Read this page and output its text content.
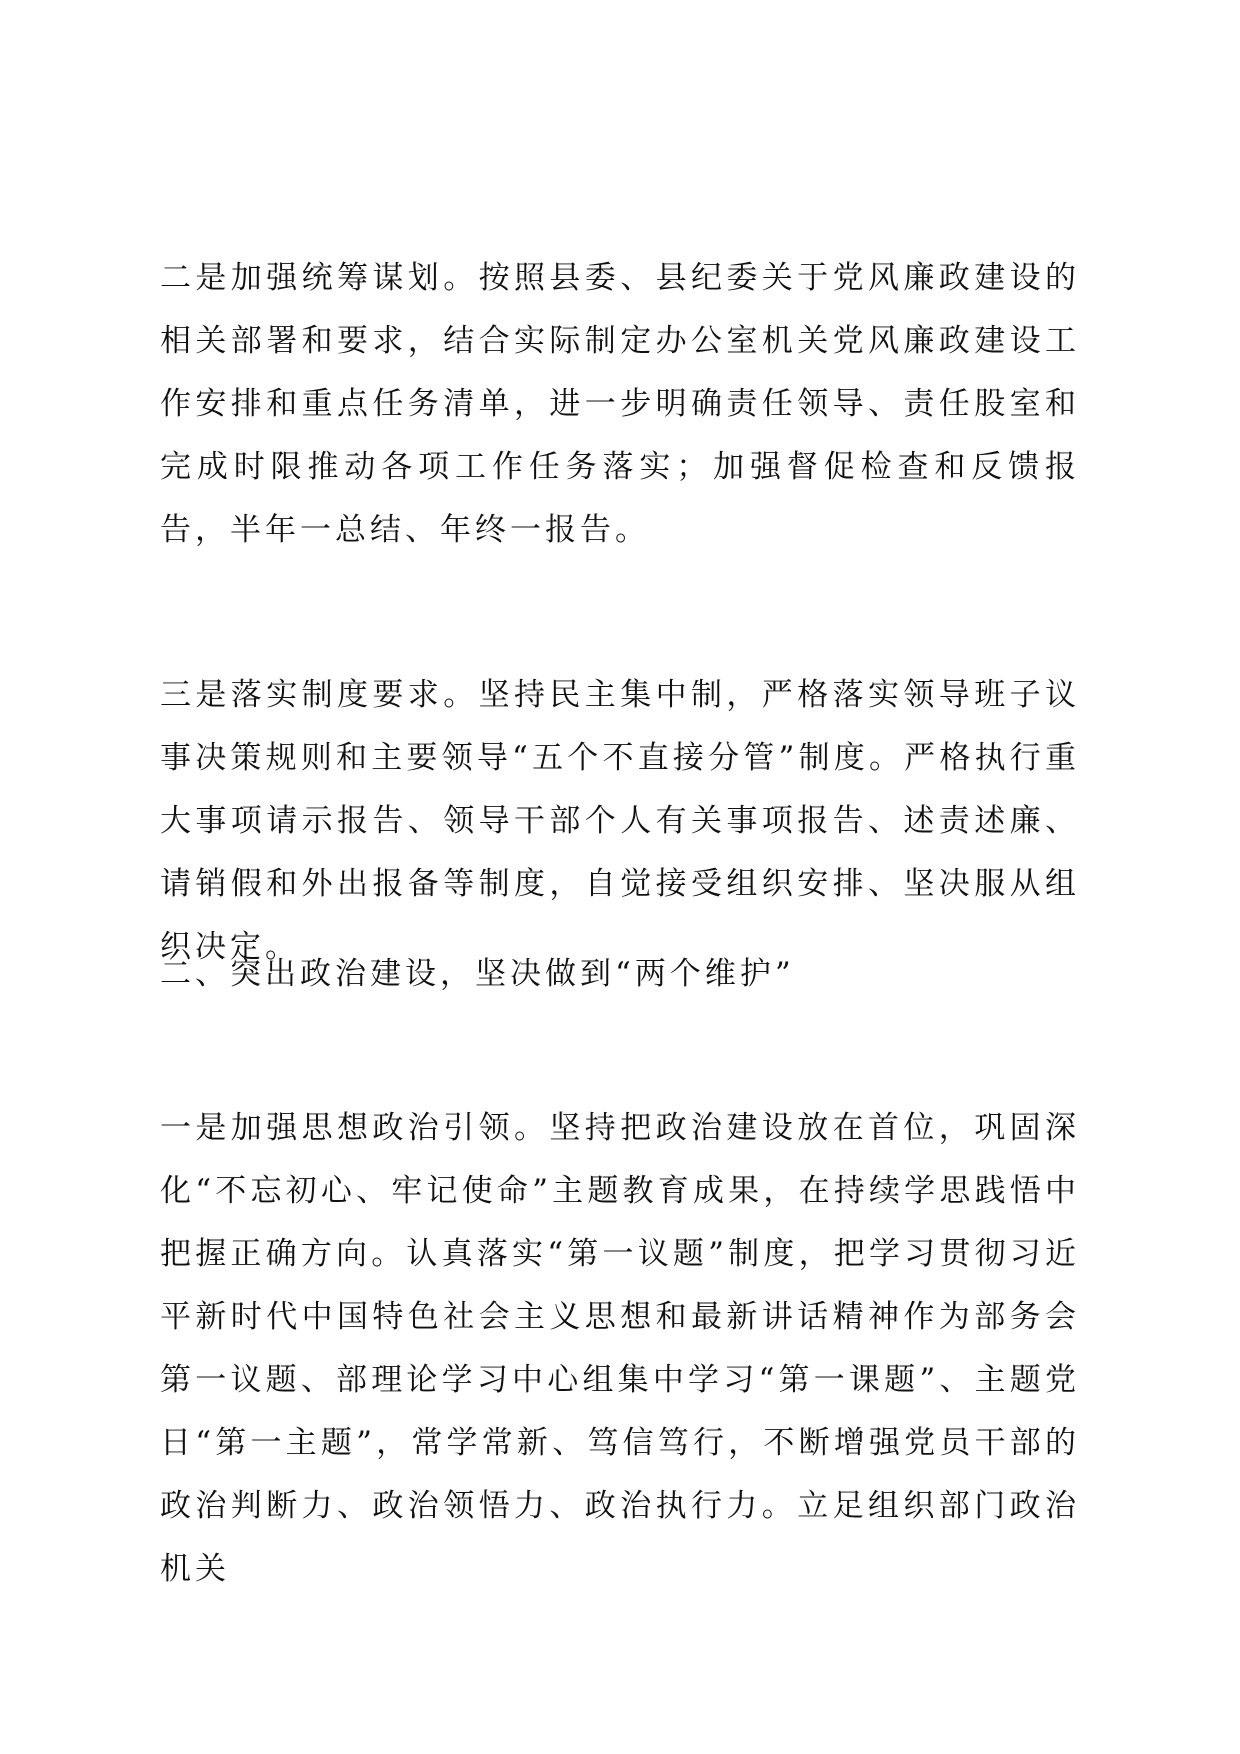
二是加强统筹谋划。按照县委、县纪委关于党风廉政建设的相关部署和要求，结合实际制定办公室机关党风廉政建设工作安排和重点任务清单，进一步明确责任领导、责任股室和完成时限推动各项工作任务落实；加强督促检查和反馈报告，半年一总结、年终一报告。

三是落实制度要求。坚持民主集中制，严格落实领导班子议事决策规则和主要领导“五个不直接分管”制度。严格执行重大事项请示报告、领导干部个人有关事项报告、述责述廉、请销假和外出报备等制度，自觉接受组织安排、坚决服从组织决定。

二、突出政治建设，坚决做到“两个维护”

一是加强思想政治引领。坚持把政治建设放在首位，巩固深化“不忘初心、牢记使命”主题教育成果，在持续学思践悟中把握正确方向。认真落实“第一议题”制度，把学习贯彻习近平新时代中国特色社会主义思想和最新讲话精神作为部务会第一议题、部理论学习中心组集中学习“第一课题”、主题党日“第一主题”，常学常新、笃信笃行，不断增强党员干部的政治判断力、政治领悟力、政治执行力。立足组织部门政治机关
